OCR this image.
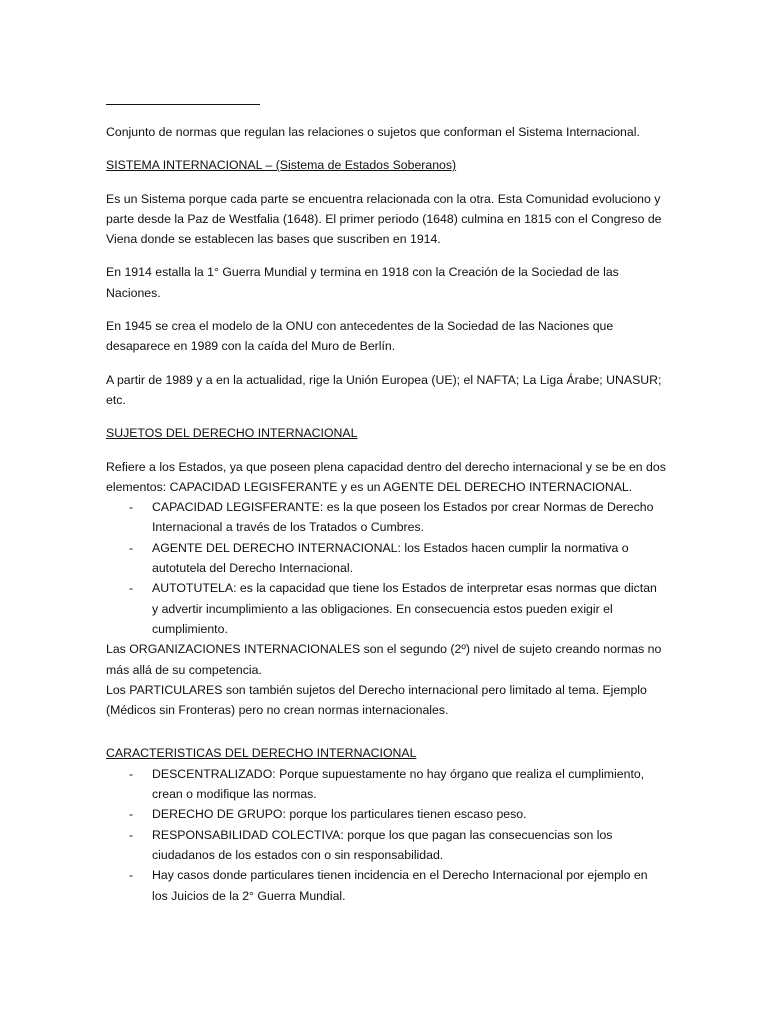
Conjunto de normas que regulan las relaciones o sujetos que conforman el Sistema Internacional.

SISTEMA INTERNACIONAL – (Sistema de Estados Soberanos)

Es un Sistema porque cada parte se encuentra relacionada con la otra. Esta Comunidad evoluciono y parte desde la Paz de Westfalia (1648). El primer periodo (1648) culmina en 1815 con el Congreso de Viena donde se establecen las bases que suscriben en 1914.

En 1914 estalla la 1° Guerra Mundial y termina en 1918 con la Creación de la Sociedad de las Naciones.

En 1945 se crea el modelo de la ONU con antecedentes de la Sociedad de las Naciones que desaparece en 1989 con la caída del Muro de Berlín.

A partir de 1989 y a en la actualidad, rige la Unión Europea (UE); el NAFTA; La Liga Árabe; UNASUR; etc.

SUJETOS DEL DERECHO INTERNACIONAL

Refiere a los Estados, ya que poseen plena capacidad dentro del derecho internacional y se be en dos elementos: CAPACIDAD LEGISFERANTE y es un AGENTE DEL DERECHO INTERNACIONAL.

- CAPACIDAD LEGISFERANTE: es la que poseen los Estados por crear Normas de Derecho Internacional a través de los Tratados o Cumbres.
- AGENTE DEL DERECHO INTERNACIONAL: los Estados hacen cumplir la normativa o autotutela del Derecho Internacional.
- AUTOTUTELA: es la capacidad que tiene los Estados de interpretar esas normas que dictan y advertir incumplimiento a las obligaciones. En consecuencia estos pueden exigir el cumplimiento.

Las ORGANIZACIONES INTERNACIONALES son el segundo (2º) nivel de sujeto creando normas no más allá de su competencia.

Los PARTICULARES son también sujetos del Derecho internacional pero limitado al tema. Ejemplo (Médicos sin Fronteras) pero no crean normas internacionales.

CARACTERISTICAS DEL DERECHO INTERNACIONAL

- DESCENTRALIZADO: Porque supuestamente no hay órgano que realiza el cumplimiento, crean o modifique las normas.
- DERECHO DE GRUPO: porque los particulares tienen escaso peso.
- RESPONSABILIDAD COLECTIVA: porque los que pagan las consecuencias son los ciudadanos de los estados con o sin responsabilidad.
- Hay casos donde particulares tienen incidencia en el Derecho Internacional por ejemplo en los Juicios de la 2° Guerra Mundial.
